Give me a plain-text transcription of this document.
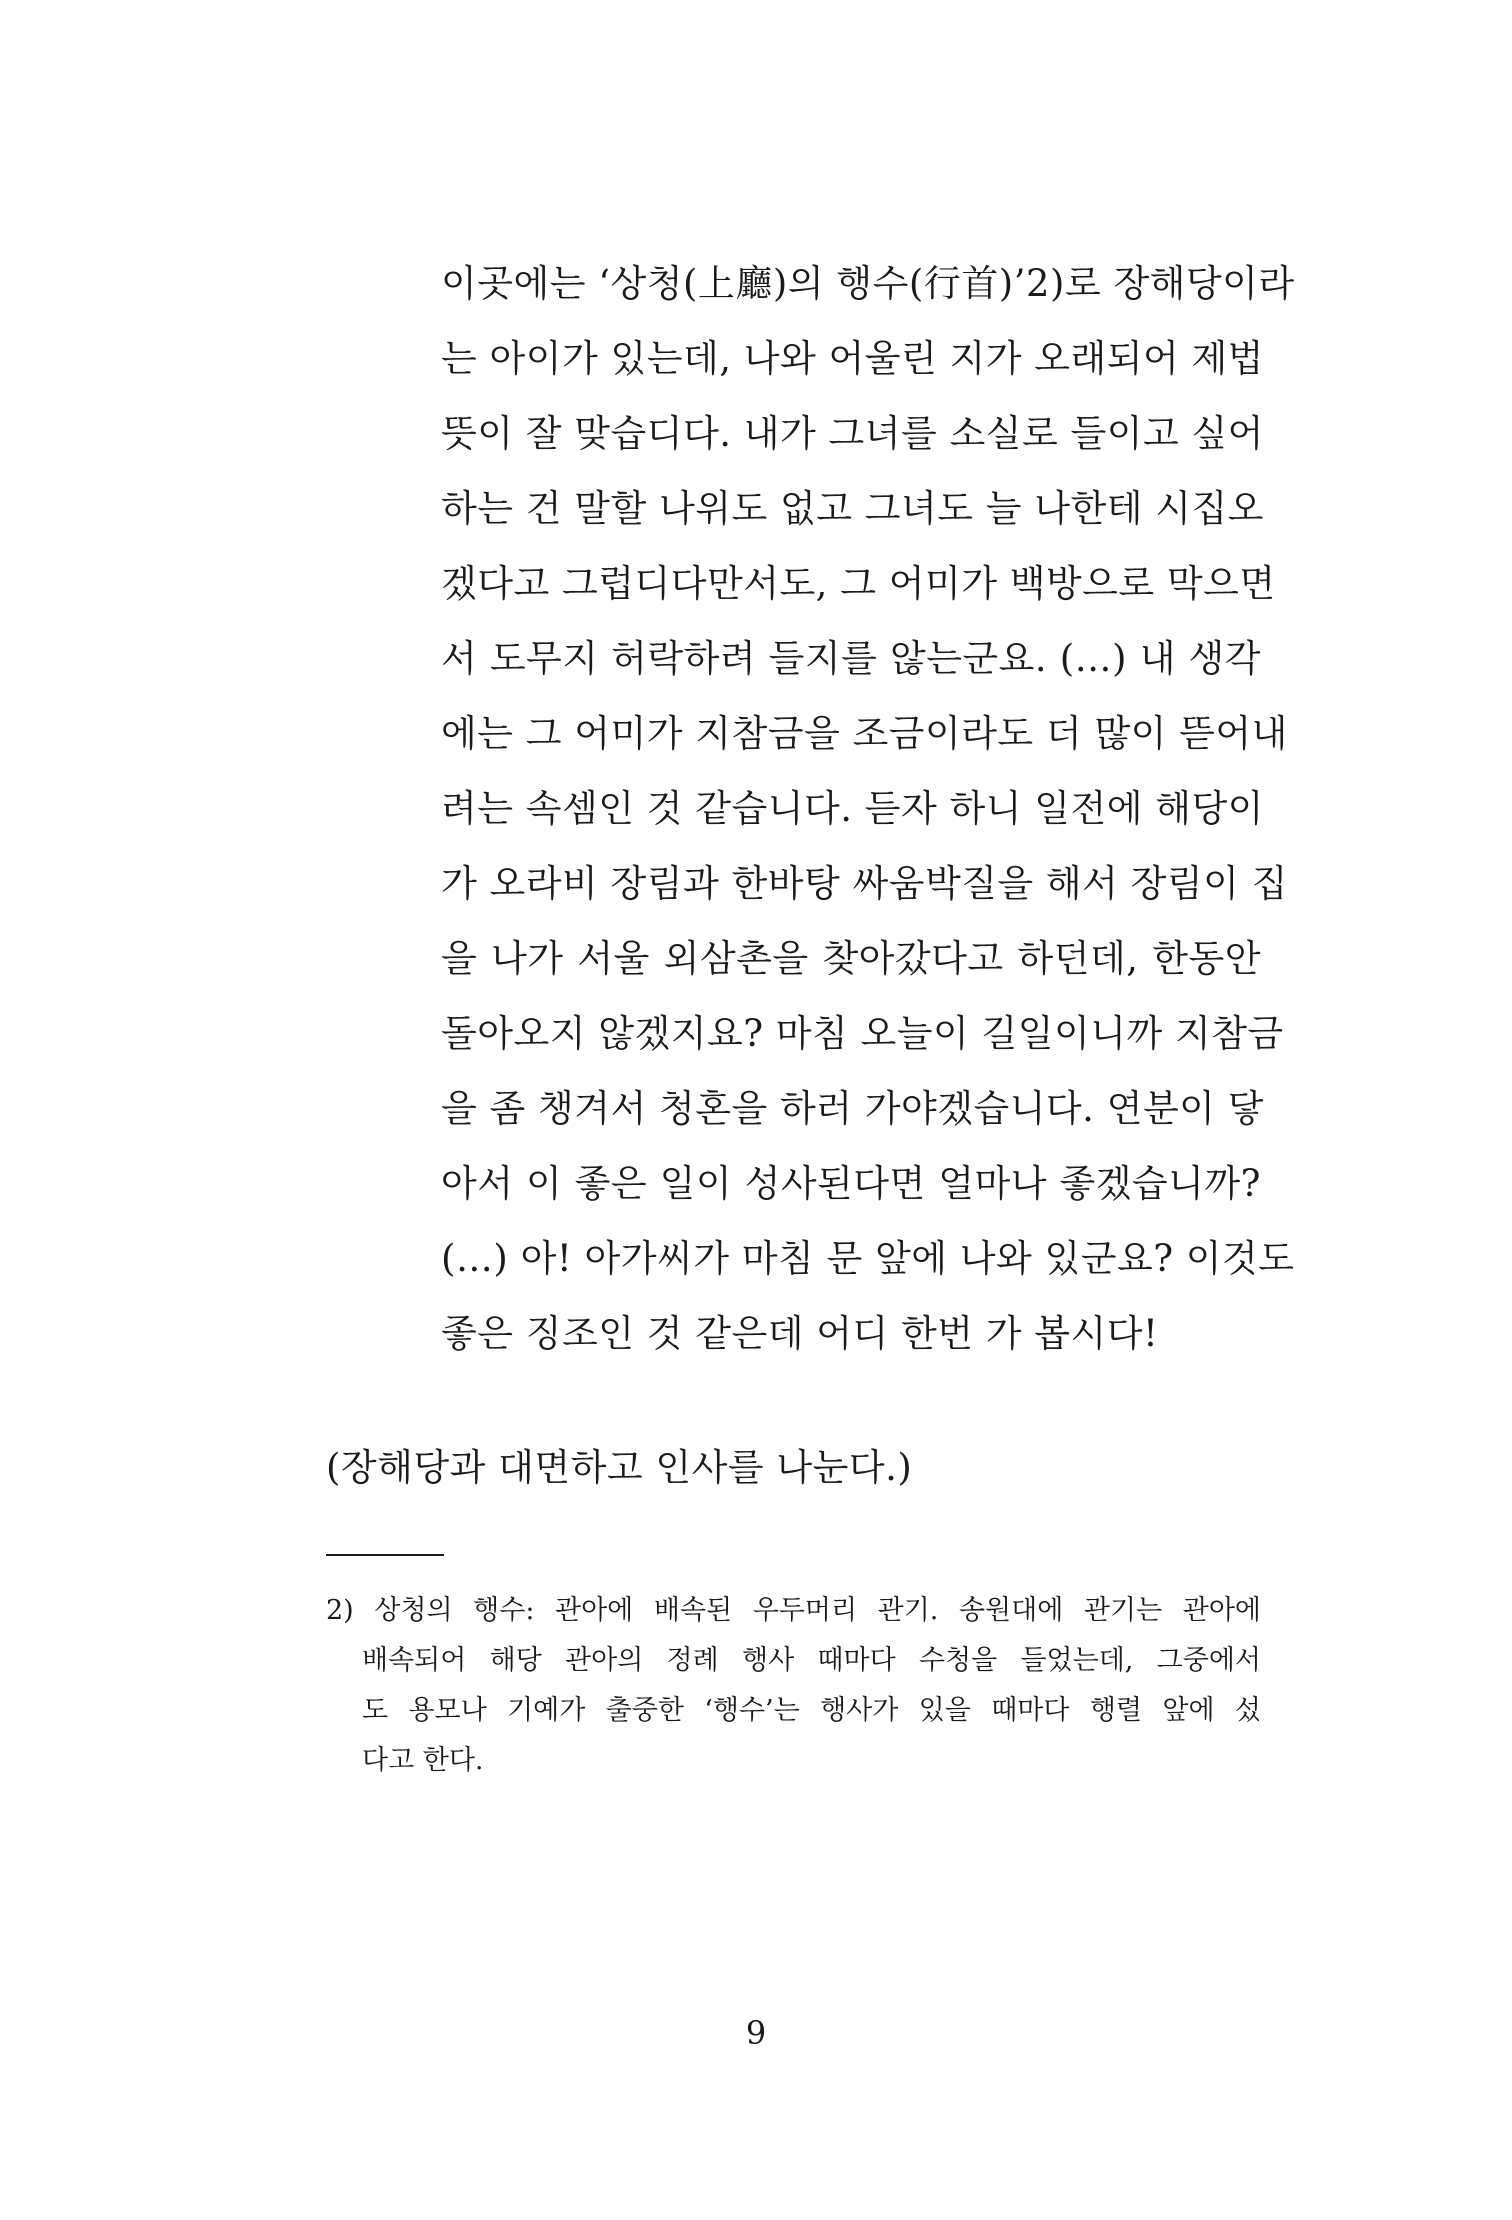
이곳에는 ‘상청(上廳)의 행수(行首)’2)로 장해당이라
는 아이가 있는데, 나와 어울린 지가 오래되어 제법
뜻이 잘 맞습디다. 내가 그녀를 소실로 들이고 싶어
하는 건 말할 나위도 없고 그녀도 늘 나한테 시집오
겠다고 그럽디다만서도, 그 어미가 백방으로 막으면
서 도무지 허락하려 들지를 않는군요. (…) 내 생각
에는 그 어미가 지참금을 조금이라도 더 많이 뜯어내
려는 속셈인 것 같습니다. 듣자 하니 일전에 해당이
가 오라비 장림과 한바탕 싸움박질을 해서 장림이 집
을 나가 서울 외삼촌을 찾아갔다고 하던데, 한동안
돌아오지 않겠지요? 마침 오늘이 길일이니까 지참금
을 좀 챙겨서 청혼을 하러 가야겠습니다. 연분이 닿
아서 이 좋은 일이 성사된다면 얼마나 좋겠습니까?
(…) 아! 아가씨가 마침 문 앞에 나와 있군요? 이것도
좋은 징조인 것 같은데 어디 한번 가 봅시다!
(장해당과 대면하고 인사를 나눈다.)
2) 상청의 행수: 관아에 배속된 우두머리 관기. 송원대에 관기는 관아에
배속되어 해당 관아의 정례 행사 때마다 수청을 들었는데, 그중에서
도 용모나 기예가 출중한 ‘행수’는 행사가 있을 때마다 행렬 앞에 섰
다고 한다.
9
